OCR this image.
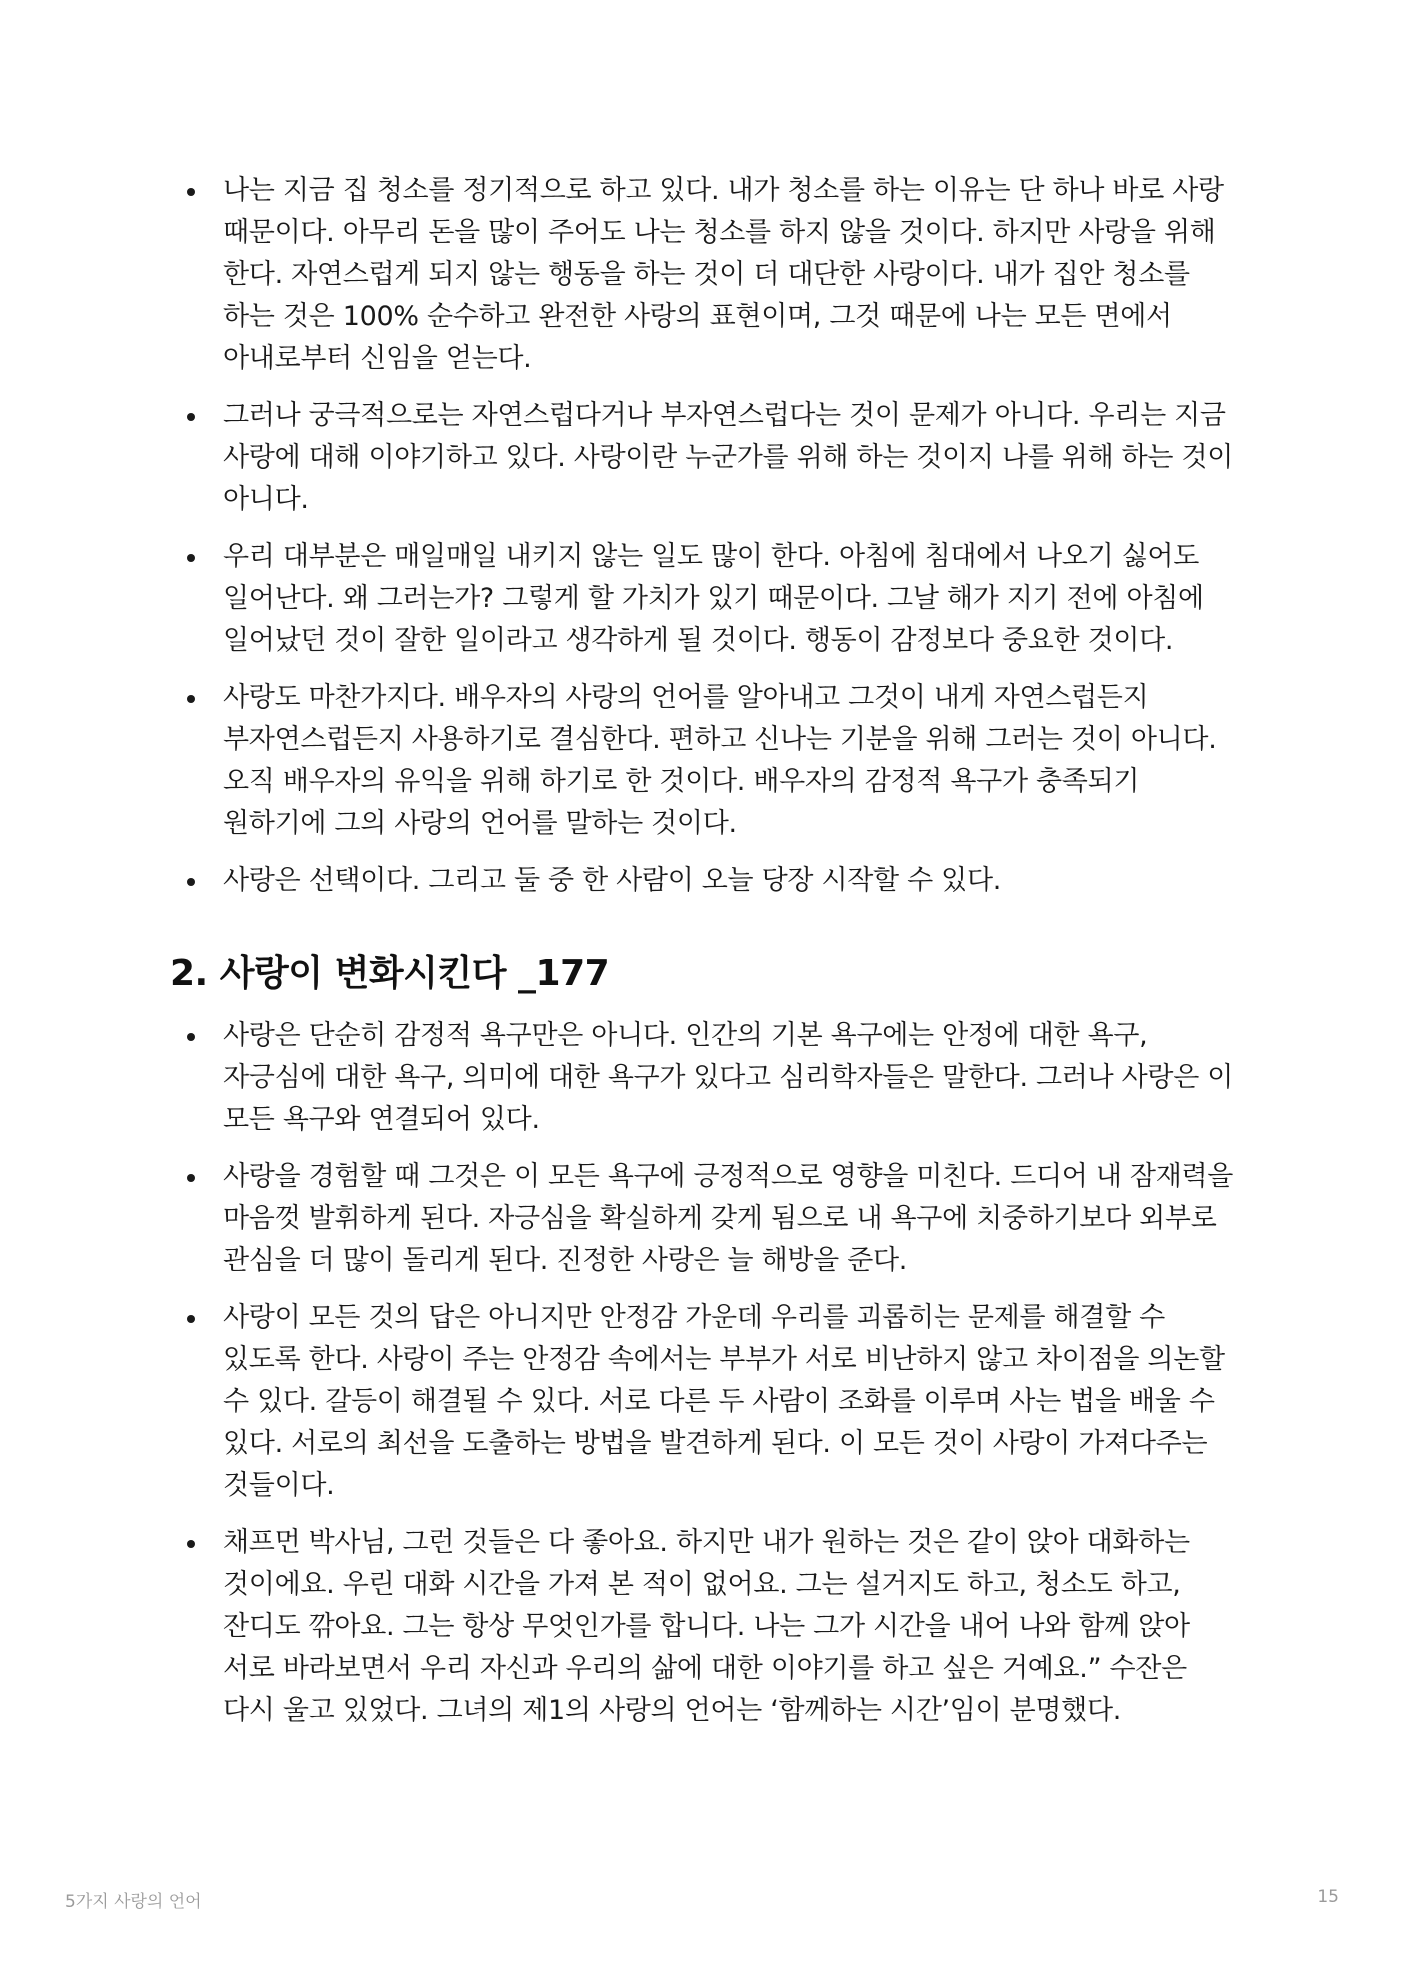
나는 지금 집 청소를 정기적으로 하고 있다. 내가 청소를 하는 이유는 단 하나 바로 사랑 때문이다. 아무리 돈을 많이 주어도 나는 청소를 하지 않을 것이다. 하지만 사랑을 위해 한다. 자연스럽게 되지 않는 행동을 하는 것이 더 대단한 사랑이다. 내가 집안 청소를 하는 것은 100% 순수하고 완전한 사랑의 표현이며, 그것 때문에 나는 모든 면에서 아내로부터 신임을 얻는다.
그러나 궁극적으로는 자연스럽다거나 부자연스럽다는 것이 문제가 아니다. 우리는 지금 사랑에 대해 이야기하고 있다. 사랑이란 누군가를 위해 하는 것이지 나를 위해 하는 것이 아니다.
우리 대부분은 매일매일 내키지 않는 일도 많이 한다. 아침에 침대에서 나오기 싫어도 일어난다. 왜 그러는가? 그렇게 할 가치가 있기 때문이다. 그날 해가 지기 전에 아침에 일어났던 것이 잘한 일이라고 생각하게 될 것이다. 행동이 감정보다 중요한 것이다.
사랑도 마찬가지다. 배우자의 사랑의 언어를 알아내고 그것이 내게 자연스럽든지 부자연스럽든지 사용하기로 결심한다. 편하고 신나는 기분을 위해 그러는 것이 아니다. 오직 배우자의 유익을 위해 하기로 한 것이다. 배우자의 감정적 욕구가 충족되기 원하기에 그의 사랑의 언어를 말하는 것이다.
사랑은 선택이다. 그리고 둘 중 한 사람이 오늘 당장 시작할 수 있다.
2. 사랑이 변화시킨다 _177
사랑은 단순히 감정적 욕구만은 아니다. 인간의 기본 욕구에는 안정에 대한 욕구, 자긍심에 대한 욕구, 의미에 대한 욕구가 있다고 심리학자들은 말한다. 그러나 사랑은 이 모든 욕구와 연결되어 있다.
사랑을 경험할 때 그것은 이 모든 욕구에 긍정적으로 영향을 미친다. 드디어 내 잠재력을 마음껏 발휘하게 된다. 자긍심을 확실하게 갖게 됨으로 내 욕구에 치중하기보다 외부로 관심을 더 많이 돌리게 된다. 진정한 사랑은 늘 해방을 준다.
사랑이 모든 것의 답은 아니지만 안정감 가운데 우리를 괴롭히는 문제를 해결할 수 있도록 한다. 사랑이 주는 안정감 속에서는 부부가 서로 비난하지 않고 차이점을 의논할 수 있다. 갈등이 해결될 수 있다. 서로 다른 두 사람이 조화를 이루며 사는 법을 배울 수 있다. 서로의 최선을 도출하는 방법을 발견하게 된다. 이 모든 것이 사랑이 가져다주는 것들이다.
채프먼 박사님, 그런 것들은 다 좋아요. 하지만 내가 원하는 것은 같이 앉아 대화하는 것이에요. 우린 대화 시간을 가져 본 적이 없어요. 그는 설거지도 하고, 청소도 하고, 잔디도 깎아요. 그는 항상 무엇인가를 합니다. 나는 그가 시간을 내어 나와 함께 앉아 서로 바라보면서 우리 자신과 우리의 삶에 대한 이야기를 하고 싶은 거예요.” 수잔은 다시 울고 있었다. 그녀의 제1의 사랑의 언어는 ‘함께하는 시간’임이 분명했다.
5가지 사랑의 언어	15
